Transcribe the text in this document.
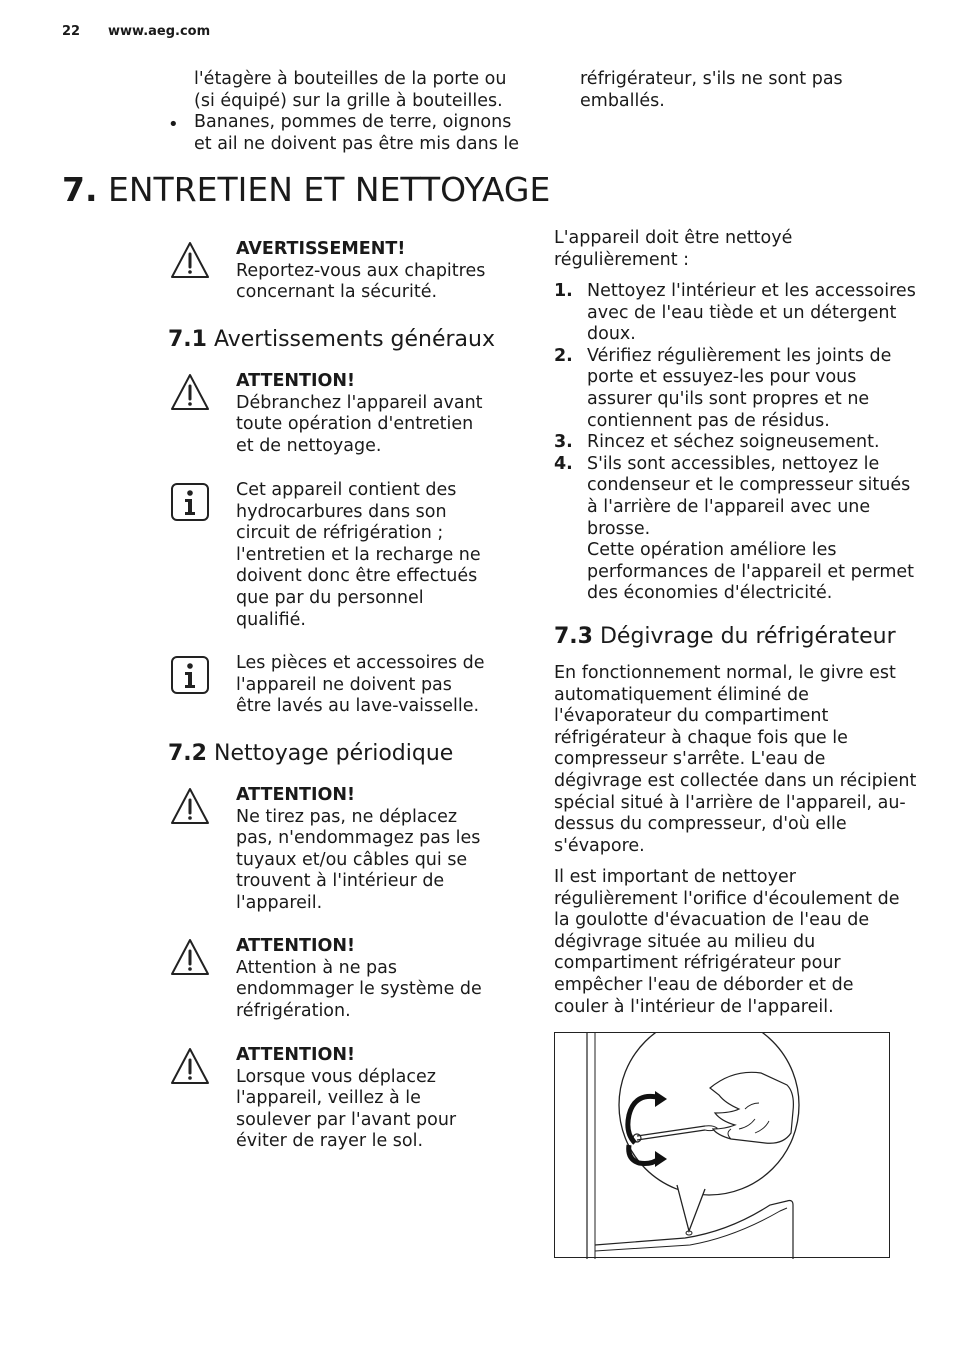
22 www.aeg.com
l'étagère à bouteilles de la porte ou
(si équipé) sur la grille à bouteilles.
Bananes, pommes de terre, oignons
et ail ne doivent pas être mis dans le
•
réfrigérateur, s'ils ne sont pas
emballés.
7. ENTRETIEN ET NETTOYAGE
AVERTISSEMENT!
Reportez-vous aux chapitres
concernant la sécurité.
7.1 Avertissements généraux
ATTENTION!
Débranchez l'appareil avant
toute opération d'entretien
et de nettoyage.
Cet appareil contient des
hydrocarbures dans son
circuit de réfrigération ;
l'entretien et la recharge ne
doivent donc être effectués
que par du personnel
qualifié.
Les pièces et accessoires de
l'appareil ne doivent pas
être lavés au lave-vaisselle.
7.2 Nettoyage périodique
ATTENTION!
Ne tirez pas, ne déplacez
pas, n'endommagez pas les
tuyaux et/ou câbles qui se
trouvent à l'intérieur de
l'appareil.
ATTENTION!
Attention à ne pas
endommager le système de
réfrigération.
ATTENTION!
Lorsque vous déplacez
l'appareil, veillez à le
soulever par l'avant pour
éviter de rayer le sol.
L'appareil doit être nettoyé
régulièrement :
1. Nettoyez l'intérieur et les accessoires
avec de l'eau tiède et un détergent
doux.
2. Vérifiez régulièrement les joints de
porte et essuyez-les pour vous
assurer qu'ils sont propres et ne
contiennent pas de résidus.
3. Rincez et séchez soigneusement.
4. S'ils sont accessibles, nettoyez le
condenseur et le compresseur situés
à l'arrière de l'appareil avec une
brosse.
Cette opération améliore les
performances de l'appareil et permet
des économies d'électricité.
7.3 Dégivrage du réfrigérateur
En fonctionnement normal, le givre est
automatiquement éliminé de
l'évaporateur du compartiment
réfrigérateur à chaque fois que le
compresseur s'arrête. L'eau de
dégivrage est collectée dans un récipient
spécial situé à l'arrière de l'appareil, au-
dessus du compresseur, d'où elle
s'évapore.
Il est important de nettoyer
régulièrement l'orifice d'écoulement de
la goulotte d'évacuation de l'eau de
dégivrage située au milieu du
compartiment réfrigérateur pour
empêcher l'eau de déborder et de
couler à l'intérieur de l'appareil.
